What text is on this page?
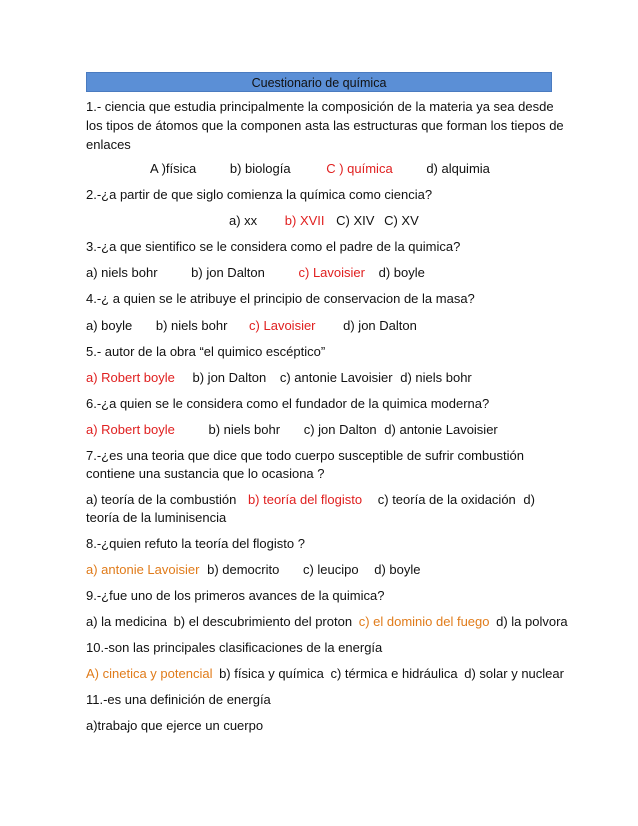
Cuestionario de química
1.- ciencia que estudia principalmente la composición de la materia ya sea desde
los tipos de átomos que la componen asta las estructuras que forman los tiepos de
enlaces
A )física	b) biología	C ) química	d) alquimia
2.-¿a partir de que siglo comienza la química como ciencia?
a) xx b) XVII C) XIV C) XV
3.-¿a que sientifico se le considera como el padre de la quimica?
a) niels bohr	b) jon Dalton	c) Lavoisier d) boyle
4.-¿ a quien se le atribuye el principio de conservacion de la masa?
a) boyle b) niels bohr c) Lavoisier d) jon Dalton
5.- autor de la obra “el quimico escéptico”
a) Robert boyle b) jon Dalton c) antonie Lavoisier d) niels bohr
6.-¿a quien se le considera como el fundador de la quimica moderna?
a) Robert boyle	b) niels bohr c) jon Dalton d) antonie Lavoisier
7.-¿es una teoria que dice que todo cuerpo susceptible de sufrir combustión
contiene una sustancia que lo ocasiona ?
a) teoría de la combustión b) teoría del flogisto c) teoría de la oxidación d)
teoría de la luminisencia
8.-¿quien refuto la teoría del flogisto ?
a) antonie Lavoisier b) democrito c) leucipo d) boyle
9.-¿fue uno de los primeros avances de la quimica?
a) la medicina b) el descubrimiento del proton c) el dominio del fuego d) la polvora
10.-son las principales clasificaciones de la energía
A) cinetica y potencial b) física y química c) térmica e hidráulica d) solar y nuclear
11.-es una definición de energía
a)trabajo que ejerce un cuerpo
